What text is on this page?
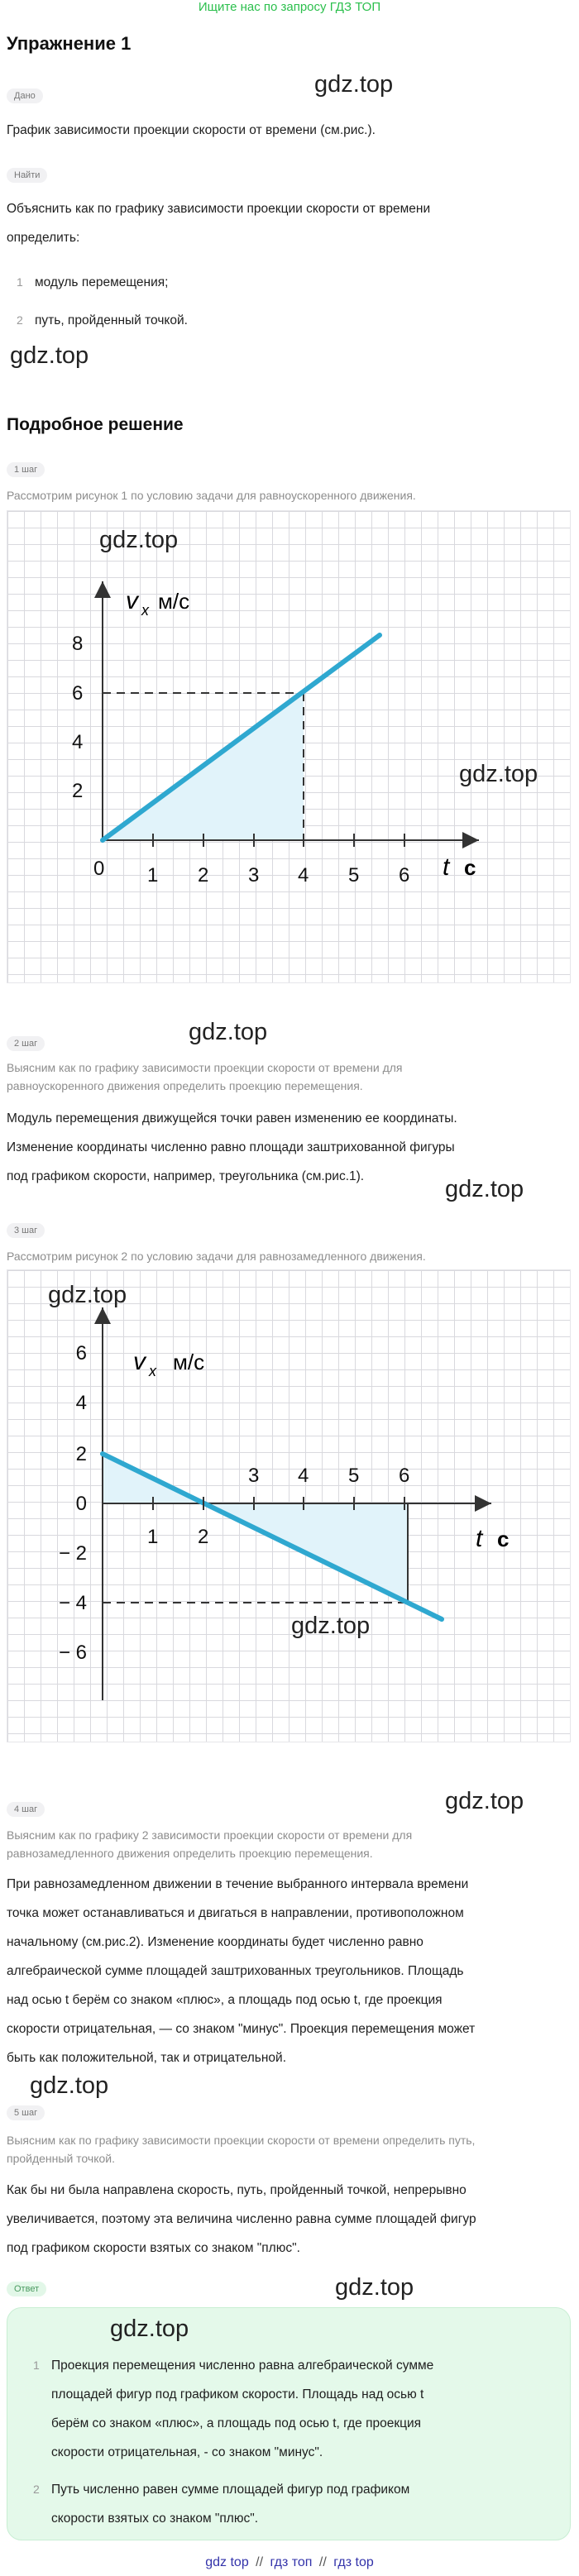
Ищите нас по запросу ГДЗ ТОП
Упражнение 1
Дано	gdz.top
График зависимости проекции скорости от времени (см.рис.).
Найти
Объяснить как по графику зависимости проекции скорости от времени
определить:
1 модуль перемещения;
2 путь, пройденный точкой.
gdz.top
Подробное решение
1 шаг
Рассмотрим рисунок 1 по условию задачи для равноускоренного движения.
0 1 2 3 4 5 6
2
4
6
8
v x м/с
t с
gdz.top
gdz.top
gdz.top
2 шаг
Выясним как по графику зависимости проекции скорости от времени для
равноускоренного движения определить проекцию перемещения.
Модуль перемещения движущейся точки равен изменению ее координаты.
Изменение координаты численно равно площади заштрихованной фигуры
под графиком скорости, например, треугольника (см.рис.1).	gdz.top
3 шаг
Рассмотрим рисунок 2 по условию задачи для равнозамедленного движения.
1 2
3 4 5 6
6
4
2
0
− 2
− 4
− 6
v x м/с
t с
gdz.top
gdz.top
gdz.top
4 шаг
Выясним как по графику 2 зависимости проекции скорости от времени для
равнозамедленного движения определить проекцию перемещения.
При равнозамедленном движении в течение выбранного интервала времени
точка может останавливаться и двигаться в направлении, противоположном
начальному (см.рис.2). Изменение координаты будет численно равно
алгебраической сумме площадей заштрихованных треугольников. Площадь
над осью t берём со знаком «плюс», а площадь под осью t, где проекция
скорости отрицательная, — со знаком "минус". Проекция перемещения может
быть как положительной, так и отрицательной.
gdz.top
5 шаг
Выясним как по графику зависимости проекции скорости от времени определить путь,
пройденный точкой.
Как бы ни была направлена скорость, путь, пройденный точкой, непрерывно
увеличивается, поэтому эта величина численно равна сумме площадей фигур
под графиком скорости взятых со знаком "плюс".
Ответ	gdz.top
gdz.top
1 Проекция перемещения численно равна алгебраической сумме
площадей фигур под графиком скорости. Площадь над осью t
берём со знаком «плюс», а площадь под осью t, где проекция
скорости отрицательная, - со знаком "минус".
2 Путь численно равен сумме площадей фигур под графиком
скорости взятых со знаком "плюс".
gdz top // гдз топ // гдз top
